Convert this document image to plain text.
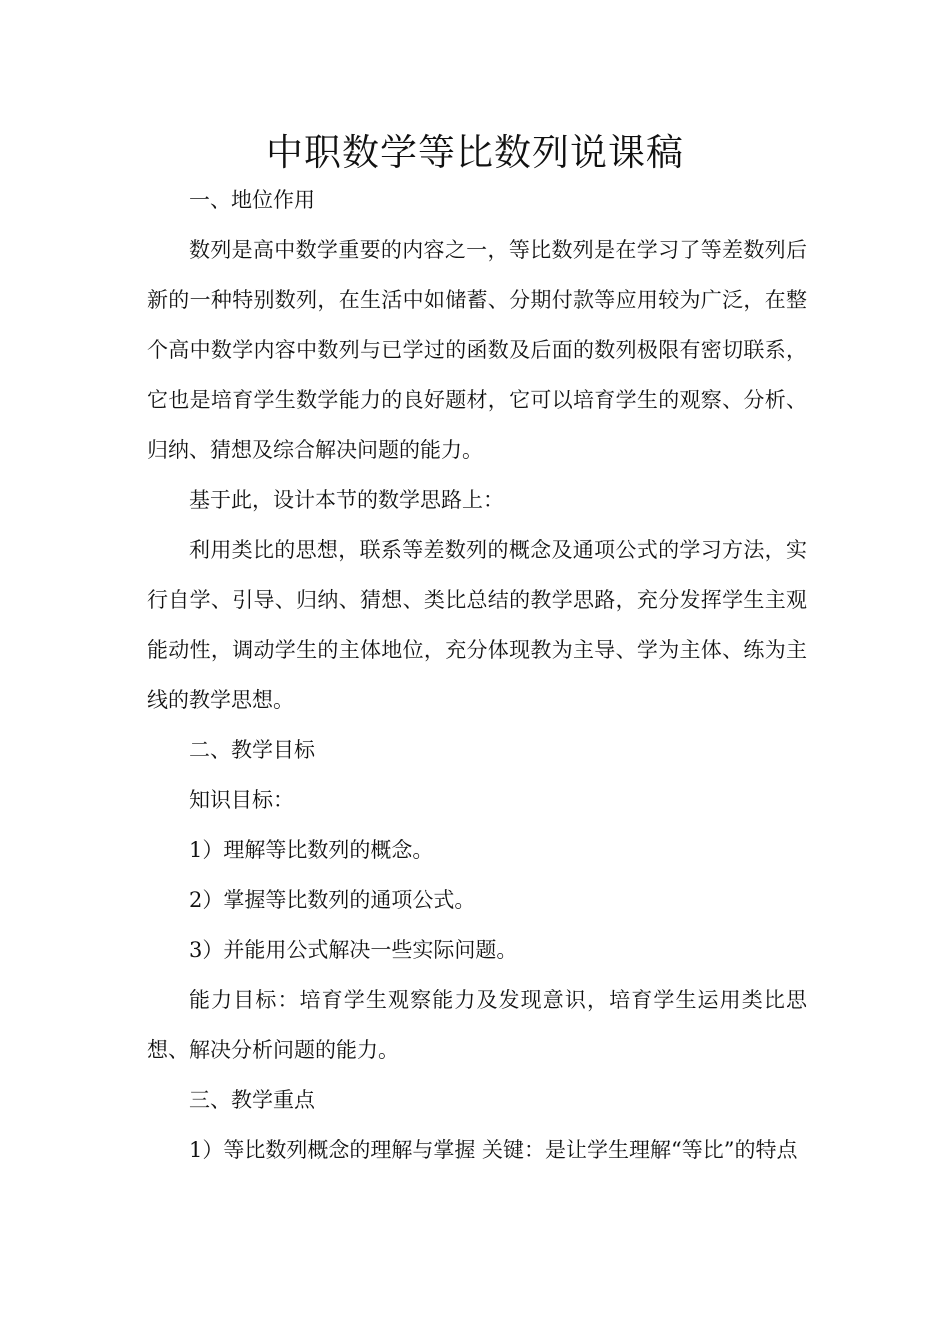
中职数学等比数列说课稿

一、地位作用

数列是高中数学重要的内容之一，等比数列是在学习了等差数列后新的一种特别数列，在生活中如储蓄、分期付款等应用较为广泛，在整个高中数学内容中数列与已学过的函数及后面的数列极限有密切联系，它也是培育学生数学能力的良好题材，它可以培育学生的观察、分析、归纳、猜想及综合解决问题的能力。

基于此，设计本节的数学思路上：

利用类比的思想，联系等差数列的概念及通项公式的学习方法，实行自学、引导、归纳、猜想、类比总结的教学思路，充分发挥学生主观能动性，调动学生的主体地位，充分体现教为主导、学为主体、练为主线的教学思想。

二、教学目标

知识目标：

1）理解等比数列的概念。

2）掌握等比数列的通项公式。

3）并能用公式解决一些实际问题。

能力目标：培育学生观察能力及发现意识，培育学生运用类比思想、解决分析问题的能力。

三、教学重点

1）等比数列概念的理解与掌握 关键：是让学生理解“等比”的特点
